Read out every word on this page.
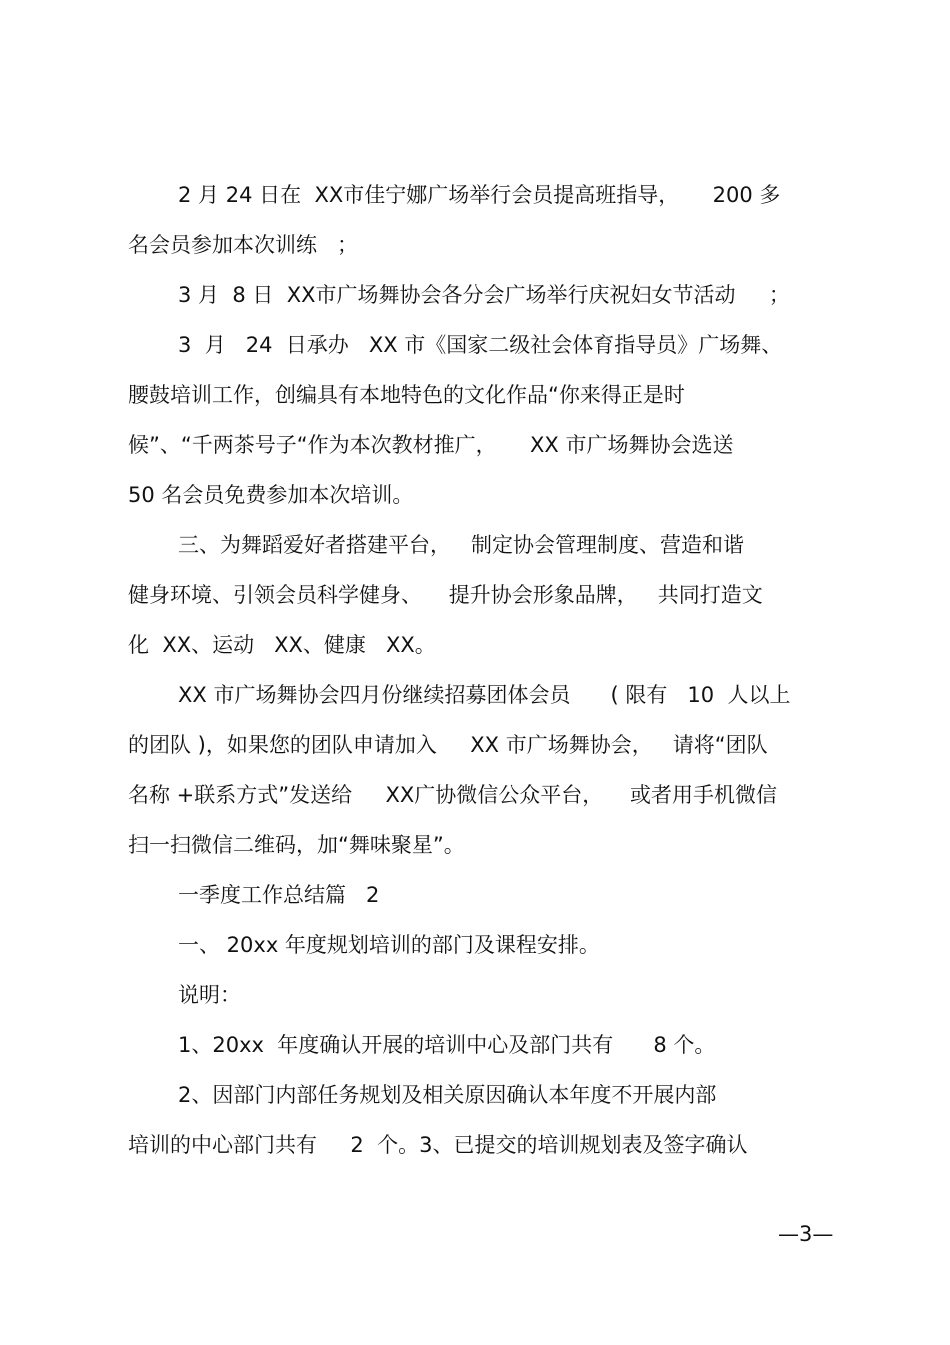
2 月 24 日在  XX市佳宁娜广场举行会员提高班指导，     200 多
名会员参加本次训练   ；
3 月  8 日  XX市广场舞协会各分会广场举行庆祝妇女节活动     ；
3  月   24  日承办   XX 市《国家二级社会体育指导员》广场舞、
腰鼓培训工作，创编具有本地特色的文化作品“你来得正是时
候”、“千两茶号子“作为本次教材推广，     XX 市广场舞协会选送
50 名会员免费参加本次培训。
三、为舞蹈爱好者搭建平台，   制定协会管理制度、营造和谐
健身环境、引领会员科学健身、    提升协会形象品牌，   共同打造文
化  XX、运动   XX、健康   XX。
XX 市广场舞协会四月份继续招募团体会员      ( 限有   10  人以上
的团队 )，如果您的团队申请加入     XX 市广场舞协会，   请将“团队
名称 +联系方式”发送给     XX广协微信公众平台，    或者用手机微信
扫一扫微信二维码，加“舞味聚星”。
一季度工作总结篇   2
一、 20xx 年度规划培训的部门及课程安排。
说明：
1、20xx  年度确认开展的培训中心及部门共有      8 个。
2、因部门内部任务规划及相关原因确认本年度不开展内部
培训的中心部门共有     2  个。3、已提交的培训规划表及签字确认
—3—
